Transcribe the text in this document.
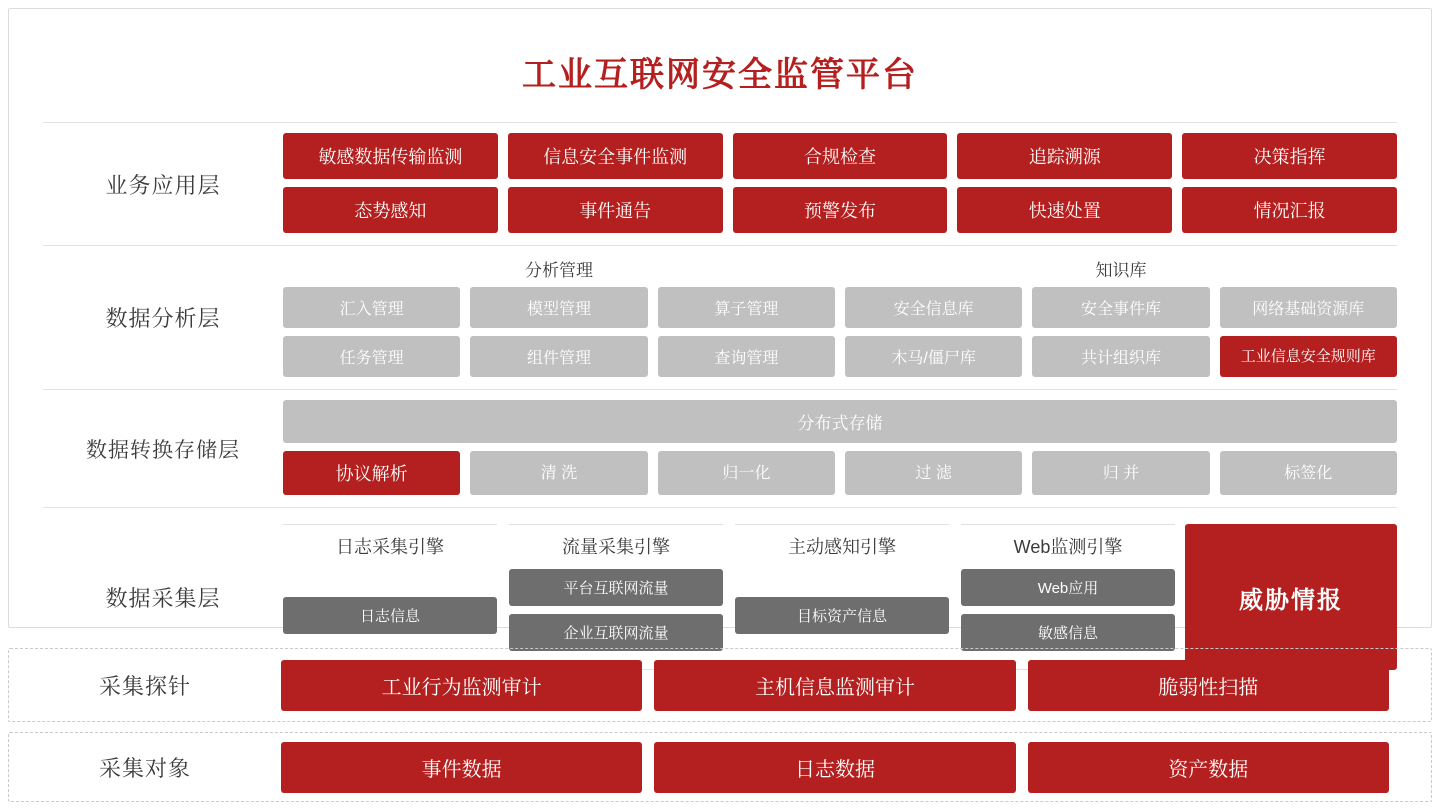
工业互联网安全监管平台
业务应用层
敏感数据传输监测	信息安全事件监测	合规检查	追踪溯源	决策指挥
态势感知	事件通告	预警发布	快速处置	情况汇报
数据分析层
分析管理	知识库
汇入管理	模型管理	算子管理	安全信息库	安全事件库	网络基础资源库
任务管理	组件管理	查询管理	木马/僵尸库	共计组织库	工业信息安全规则库
数据转换存储层
分布式存储
协议解析	清 洗	归一化	过 滤	归 并	标签化
数据采集层
日志采集引擎
日志信息
流量采集引擎
平台互联网流量
企业互联网流量
主动感知引擎
目标资产信息
Web监测引擎
Web应用
敏感信息
威胁情报
采集探针	工业行为监测审计	主机信息监测审计	脆弱性扫描
采集对象	事件数据	日志数据	资产数据
